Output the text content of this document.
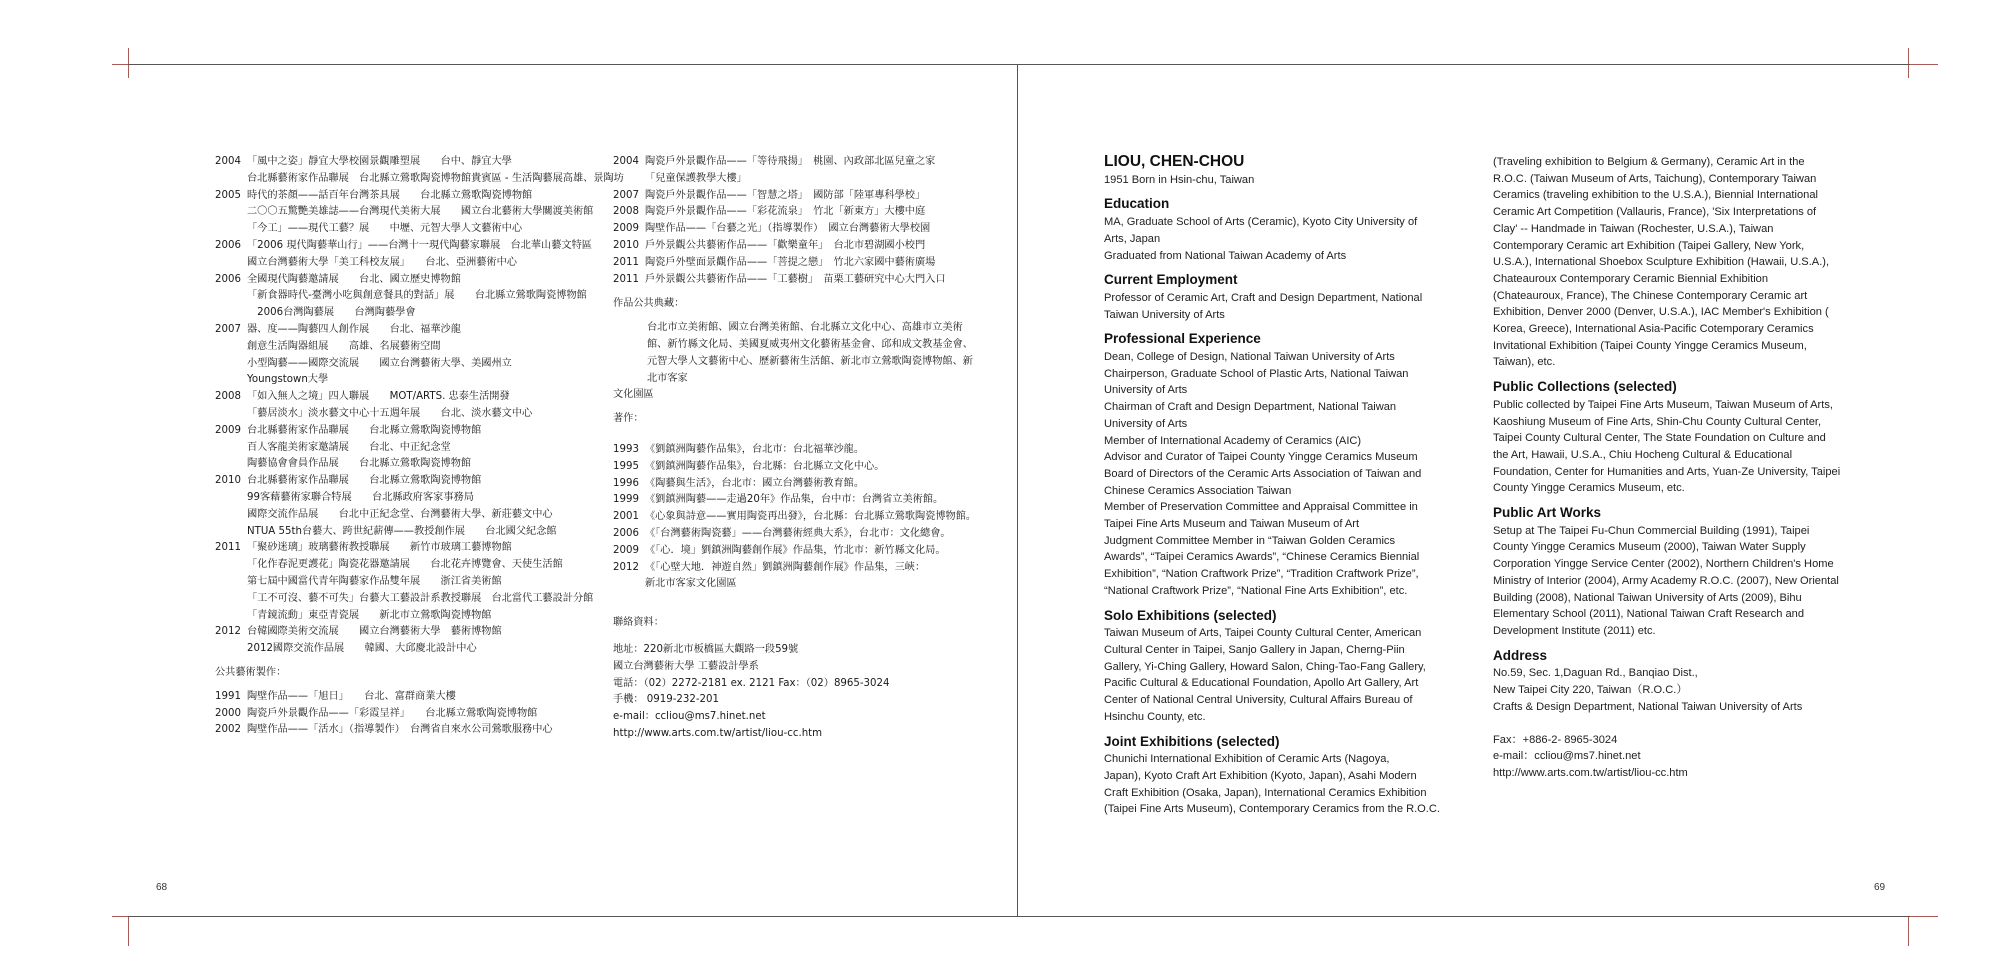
68	69
2004 「風中之姿」靜宜大學校園景觀雕塑展　　台中、靜宜大學
台北縣藝術家作品聯展　台北縣立鶯歌陶瓷博物館貴賓區 - 生活陶藝展高雄、景陶坊
2005 時代的茶顏——話百年台灣茶具展　　台北縣立鶯歌陶瓷博物館
二〇〇五驚艷美雄誌——台灣現代美術大展　　國立台北藝術大學關渡美術館
「今工」——現代工藝？展　　中壢、元智大學人文藝術中心
2006 「2006 現代陶藝華山行」——台灣十一現代陶藝家聯展　台北華山藝文特區
國立台灣藝術大學「美工科校友展」　　台北、亞洲藝術中心
2006 全國現代陶藝邀請展　　台北、國立歷史博物館
「新食器時代-臺灣小吃與創意餐具的對話」展　　台北縣立鶯歌陶瓷博物館
　2006台灣陶藝展　　台灣陶藝學會
2007 器、度——陶藝四人創作展　　台北、福華沙龍
創意生活陶器組展　　高雄、名展藝術空間
小型陶藝——國際交流展　　國立台灣藝術大學、美國州立
Youngstown大學
2008 「如入無人之境」四人聯展　　MOT/ARTS. 忠泰生活開發
「藝居淡水」淡水藝文中心十五週年展　　台北、淡水藝文中心
2009 台北縣藝術家作品聯展　　台北縣立鶯歌陶瓷博物館
百人客龍美術家邀請展　　台北、中正紀念堂
陶藝協會會員作品展　　台北縣立鶯歌陶瓷博物館
2010 台北縣藝術家作品聯展　　台北縣立鶯歌陶瓷博物館
99客藉藝術家聯合特展　　台北縣政府客家事務局
國際交流作品展　　台北中正紀念堂、台灣藝術大學、新莊藝文中心
NTUA 55th台藝大、跨世紀薪傳——教授創作展　　台北國父紀念館
2011 「聚砂迷璃」玻璃藝術教授聯展　　新竹市玻璃工藝博物館
「化作春泥更護花」陶瓷花器邀請展　　台北花卉博覽會、天使生活館
第七屆中國當代青年陶藝家作品雙年展　　浙江省美術館
「工不可沒、藝不可失」台藝大工藝設計系教授聯展　台北當代工藝設計分館
「青鏡流動」東亞青瓷展　　新北市立鶯歌陶瓷博物館
2012 台韓國際美術交流展　　國立台灣藝術大學　藝術博物館
2012國際交流作品展　　韓國、大邱慶北設計中心
公共藝術製作：
1991 陶壁作品——「旭日」　　台北、富群商業大樓
2000 陶瓷戶外景觀作品——「彩霞呈祥」　　台北縣立鶯歌陶瓷博物館
2002 陶壁作品——「活水」（指導製作）　台灣省自來水公司鶯歌服務中心
2004 陶瓷戶外景觀作品——「等待飛揚」　桃園、內政部北區兒童之家
「兒童保護教學大樓」
2007 陶瓷戶外景觀作品——「智慧之塔」　國防部「陸軍專科學校」
2008 陶瓷戶外景觀作品——「彩花流泉」　竹北「新東方」大樓中庭
2009 陶壁作品——「台藝之光」（指導製作）　國立台灣藝術大學校園
2010 戶外景觀公共藝術作品——「歡樂童年」　台北市碧湖國小校門
2011 陶瓷戶外壁面景觀作品——「菩提之戀」　竹北六家國中藝術廣場
2011 戶外景觀公共藝術作品——「工藝樹」　苗栗工藝研究中心大門入口
作品公共典藏：
台北市立美術館、國立台灣美術館、台北縣立文化中心、高雄市立美術館、新竹縣文化局、美國夏威夷州文化藝術基金會、邱和成文教基金會、元智大學人文藝術中心、歷新藝術生活館、新北市立鶯歌陶瓷博物館、新北市客家
文化園區
著作：
1993 《劉鎮洲陶藝作品集》，台北市：台北福華沙龍。
1995 《劉鎮洲陶藝作品集》，台北縣：台北縣立文化中心。
1996 《陶藝與生活》，台北市：國立台灣藝術教育館。
1999 《劉鎮洲陶藝——走過20年》作品集，台中市：台灣省立美術館。
2001 《心象與詩意——實用陶瓷再出發》，台北縣：台北縣立鶯歌陶瓷博物館。
2006 《「台灣藝術陶瓷藝」——台灣藝術經典大系》，台北市：文化總會。
2009 《「心．境」劉鎮洲陶藝創作展》作品集，竹北市：新竹縣文化局。
2012 《「心壁大地．神遊自然」劉鎮洲陶藝創作展》作品集，三峽：
新北市客家文化園區
聯絡資料：
地址：220新北市板橋區大觀路一段59號
國立台灣藝術大學 工藝設計學系
電話：（02）2272-2181 ex. 2121 Fax：（02）8965-3024
手機： 0919-232-201
e-mail：ccliou@ms7.hinet.net
http://www.arts.com.tw/artist/liou-cc.htm
LIOU, CHEN-CHOU

1951 Born in Hsin-chu, Taiwan

Education

MA, Graduate School of Arts (Ceramic), Kyoto City University of

Arts, Japan

Graduated from National Taiwan Academy of Arts

Current Employment

Professor of Ceramic Art, Craft and Design Department, National

Taiwan University of Arts

Professional Experience

Dean, College of Design, National Taiwan University of Arts

Chairperson, Graduate School of Plastic Arts, National Taiwan

University of Arts

Chairman of Craft and Design Department, National Taiwan

University of Arts

Member of International Academy of Ceramics (AIC)

Advisor and Curator of Taipei County Yingge Ceramics Museum

Board of Directors of the Ceramic Arts Association of Taiwan and

Chinese Ceramics Association Taiwan

Member of Preservation Committee and Appraisal Committee in

Taipei Fine Arts Museum and Taiwan Museum of Art

Judgment Committee Member in “Taiwan Golden Ceramics

Awards”, “Taipei Ceramics Awards”, “Chinese Ceramics Biennial

Exhibition”, “Nation Craftwork Prize”, “Tradition Craftwork Prize”,

“National Craftwork Prize”, “National Fine Arts Exhibition”, etc.

Solo Exhibitions (selected)

Taiwan Museum of Arts, Taipei County Cultural Center, American

Cultural Center in Taipei, Sanjo Gallery in Japan, Cherng-Piin

Gallery, Yi-Ching Gallery, Howard Salon, Ching-Tao-Fang Gallery,

Pacific Cultural & Educational Foundation, Apollo Art Gallery, Art

Center of National Central University, Cultural Affairs Bureau of

Hsinchu County, etc.

Joint Exhibitions (selected)

Chunichi International Exhibition of Ceramic Arts (Nagoya,

Japan), Kyoto Craft Art Exhibition (Kyoto, Japan), Asahi Modern

Craft Exhibition (Osaka, Japan), International Ceramics Exhibition

(Taipei Fine Arts Museum), Contemporary Ceramics from the R.O.C.

(Traveling exhibition to Belgium & Germany), Ceramic Art in the

R.O.C. (Taiwan Museum of Arts, Taichung), Contemporary Taiwan

Ceramics (traveling exhibition to the U.S.A.), Biennial International

Ceramic Art Competition (Vallauris, France), 'Six Interpretations of

Clay' -- Handmade in Taiwan (Rochester, U.S.A.), Taiwan

Contemporary Ceramic art Exhibition (Taipei Gallery, New York,

U.S.A.), International Shoebox Sculpture Exhibition (Hawaii, U.S.A.),

Chateauroux Contemporary Ceramic Biennial Exhibition

(Chateauroux, France), The Chinese Contemporary Ceramic art

Exhibition, Denver 2000 (Denver, U.S.A.), IAC Member's Exhibition (

Korea, Greece), International Asia-Pacific Cotemporary Ceramics

Invitational Exhibition (Taipei County Yingge Ceramics Museum,

Taiwan), etc.

Public Collections (selected)

Public collected by Taipei Fine Arts Museum, Taiwan Museum of Arts,

Kaoshiung Museum of Fine Arts, Shin-Chu County Cultural Center,

Taipei County Cultural Center, The State Foundation on Culture and

the Art, Hawaii, U.S.A., Chiu Hocheng Cultural & Educational

Foundation, Center for Humanities and Arts, Yuan-Ze University, Taipei

County Yingge Ceramics Museum, etc.

Public Art Works

Setup at The Taipei Fu-Chun Commercial Building (1991), Taipei

County Yingge Ceramics Museum (2000), Taiwan Water Supply

Corporation Yingge Service Center (2002), Northern Children's Home

Ministry of Interior (2004), Army Academy R.O.C. (2007), New Oriental

Building (2008), National Taiwan University of Arts (2009), Bihu

Elementary School (2011), National Taiwan Craft Research and

Development Institute (2011) etc.

Address

No.59, Sec. 1,Daguan Rd., Banqiao Dist.,

New Taipei City 220, Taiwan（R.O.C.）

Crafts & Design Department, National Taiwan University of Arts

Fax：+886-2- 8965-3024

e-mail：ccliou@ms7.hinet.net

http://www.arts.com.tw/artist/liou-cc.htm
